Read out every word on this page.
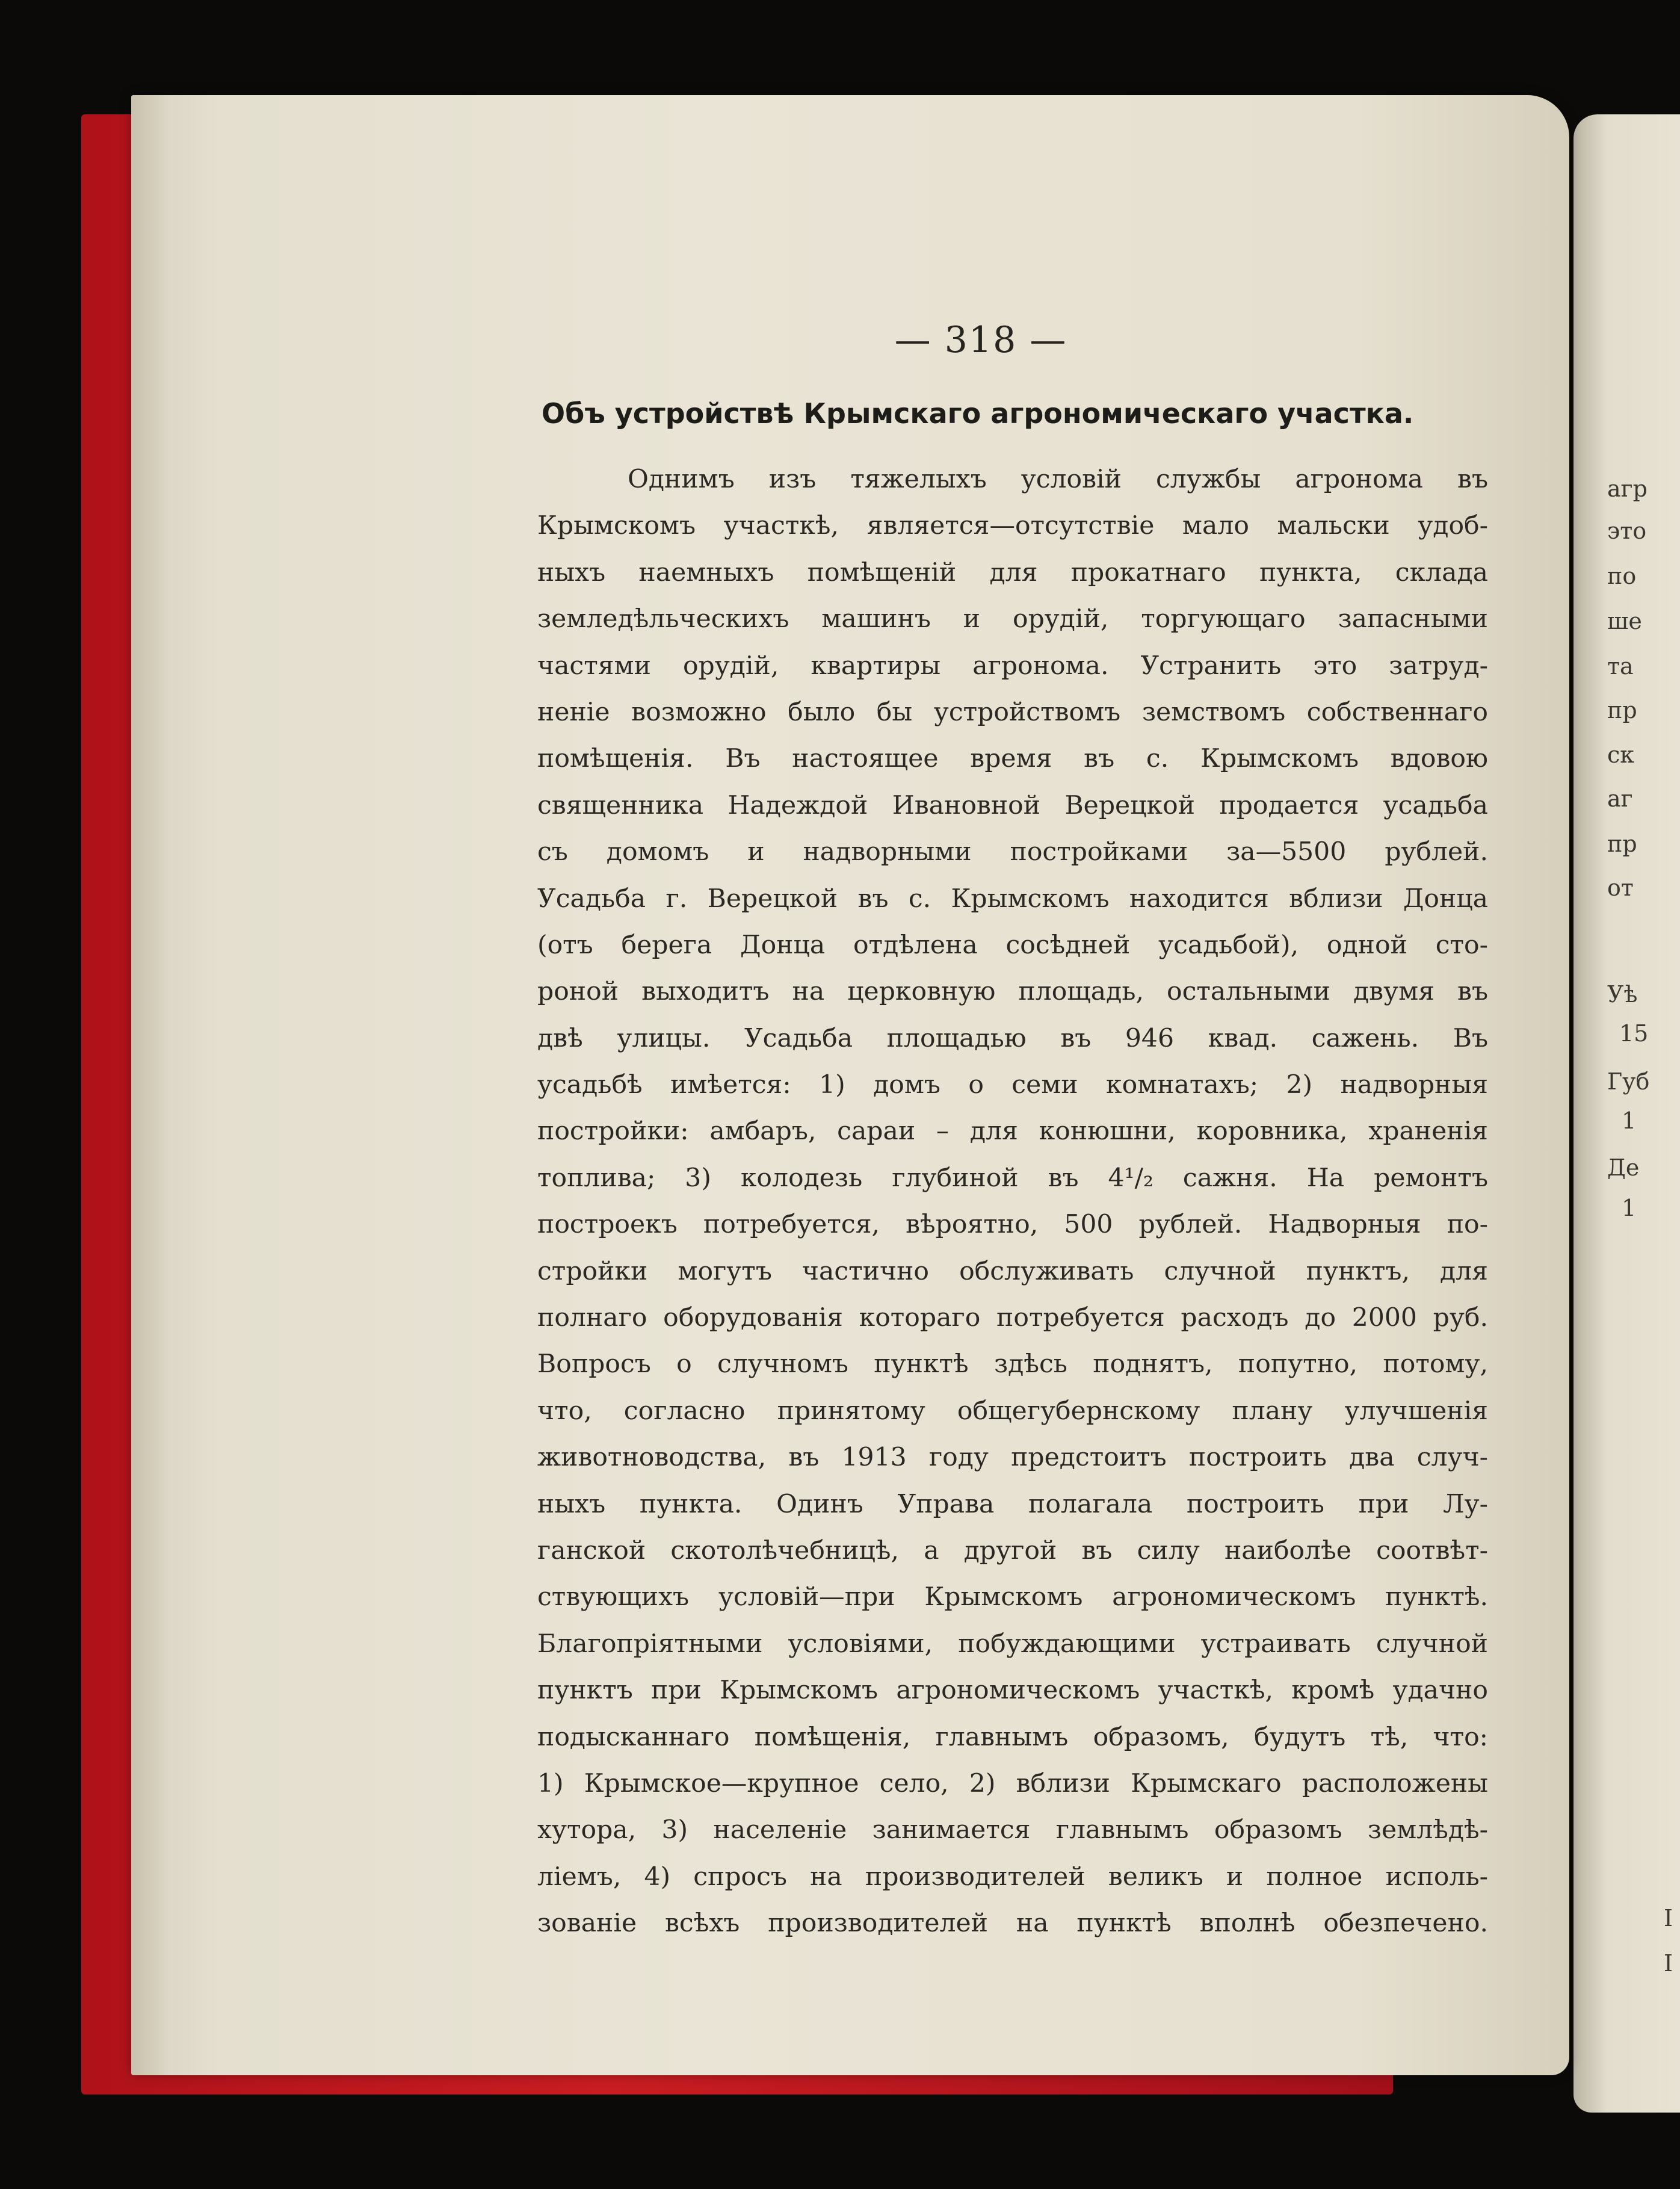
агр
это
по
ше
та
пр
ск
аг
пр
от
Уѣ
15
Губ
1
Де
1
І
І
— 318 —
Объ устройствѣ Крымскаго агрономическаго участка.
Однимъ изъ тяжелыхъ условій службы агронома въ
Крымскомъ участкѣ, является—отсутствіе мало мальски удоб-
ныхъ наемныхъ помѣщеній для прокатнаго пункта, склада
земледѣльческихъ машинъ и орудій, торгующаго запасными
частями орудій, квартиры агронома. Устранить это затруд-
неніе возможно было бы устройствомъ земствомъ собственнаго
помѣщенія. Въ настоящее время въ с. Крымскомъ вдовою
священника Надеждой Ивановной Верецкой продается усадьба
съ домомъ и надворными постройками за—5500 рублей.
Усадьба г. Верецкой въ с. Крымскомъ находится вблизи Донца
(отъ берега Донца отдѣлена сосѣдней усадьбой), одной сто-
роной выходитъ на церковную площадь, остальными двумя въ
двѣ улицы. Усадьба площадью въ 946 квад. сажень. Въ
усадьбѣ имѣется: 1) домъ о семи комнатахъ; 2) надворныя
постройки: амбаръ, сараи – для конюшни, коровника, храненія
топлива; 3) колодезь глубиной въ 4¹/₂ сажня. На ремонтъ
построекъ потребуется, вѣроятно, 500 рублей. Надворныя по-
стройки могутъ частично обслуживать случной пунктъ, для
полнаго оборудованія котораго потребуется расходъ до 2000 руб.
Вопросъ о случномъ пунктѣ здѣсь поднятъ, попутно, потому,
что, согласно принятому общегубернскому плану улучшенія
животноводства, въ 1913 году предстоитъ построить два случ-
ныхъ пункта. Одинъ Управа полагала построить при Лу-
ганской скотолѣчебницѣ, а другой въ силу наиболѣе соотвѣт-
ствующихъ условій—при Крымскомъ агрономическомъ пунктѣ.
Благопріятными условіями, побуждающими устраивать случной
пунктъ при Крымскомъ агрономическомъ участкѣ, кромѣ удачно
подысканнаго помѣщенія, главнымъ образомъ, будутъ тѣ, что:
1) Крымское—крупное село, 2) вблизи Крымскаго расположены
хутора, 3) населеніе занимается главнымъ образомъ землѣдѣ-
ліемъ, 4) спросъ на производителей великъ и полное исполь-
зованіе всѣхъ производителей на пунктѣ вполнѣ обезпечено.
